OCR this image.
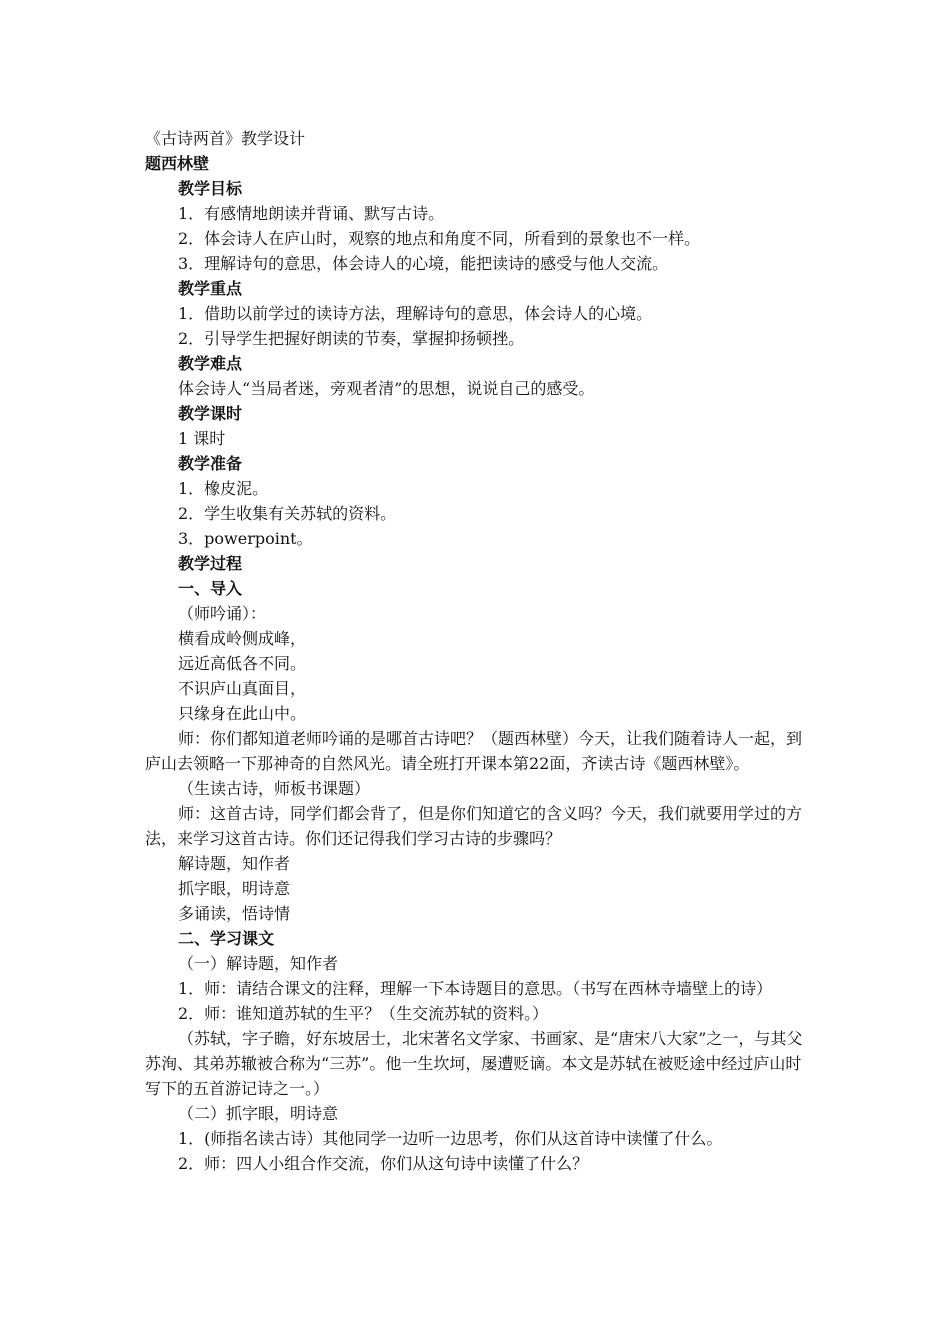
《古诗两首》教学设计
题西林壁
教学目标
1．有感情地朗读并背诵、默写古诗。
2．体会诗人在庐山时，观察的地点和角度不同，所看到的景象也不一样。
3．理解诗句的意思，体会诗人的心境，能把读诗的感受与他人交流。
教学重点
1．借助以前学过的读诗方法，理解诗句的意思，体会诗人的心境。
2．引导学生把握好朗读的节奏，掌握抑扬顿挫。
教学难点
体会诗人“当局者迷，旁观者清”的思想，说说自己的感受。
教学课时
1 课时
教学准备
1．橡皮泥。
2．学生收集有关苏轼的资料。
3．powerpoint。
教学过程
一、导入
（师吟诵）：
横看成岭侧成峰，
远近高低各不同。
不识庐山真面目，
只缘身在此山中。
师：你们都知道老师吟诵的是哪首古诗吧？（题西林壁）今天，让我们随着诗人一起，到庐山去领略一下那神奇的自然风光。请全班打开课本第22面，齐读古诗《题西林壁》。
（生读古诗，师板书课题）
师：这首古诗，同学们都会背了，但是你们知道它的含义吗？今天，我们就要用学过的方法，来学习这首古诗。你们还记得我们学习古诗的步骤吗？
解诗题，知作者
抓字眼，明诗意
多诵读，悟诗情
二、学习课文
（一）解诗题，知作者
1．师：请结合课文的注释，理解一下本诗题目的意思。（书写在西林寺墙壁上的诗）
2．师：谁知道苏轼的生平？（生交流苏轼的资料。）
（苏轼，字子瞻，好东坡居士，北宋著名文学家、书画家、是“唐宋八大家”之一，与其父苏洵、其弟苏辙被合称为“三苏”。他一生坎坷，屡遭贬谪。本文是苏轼在被贬途中经过庐山时写下的五首游记诗之一。）
（二）抓字眼，明诗意
1．(师指名读古诗）其他同学一边听一边思考，你们从这首诗中读懂了什么。
2．师：四人小组合作交流，你们从这句诗中读懂了什么？
